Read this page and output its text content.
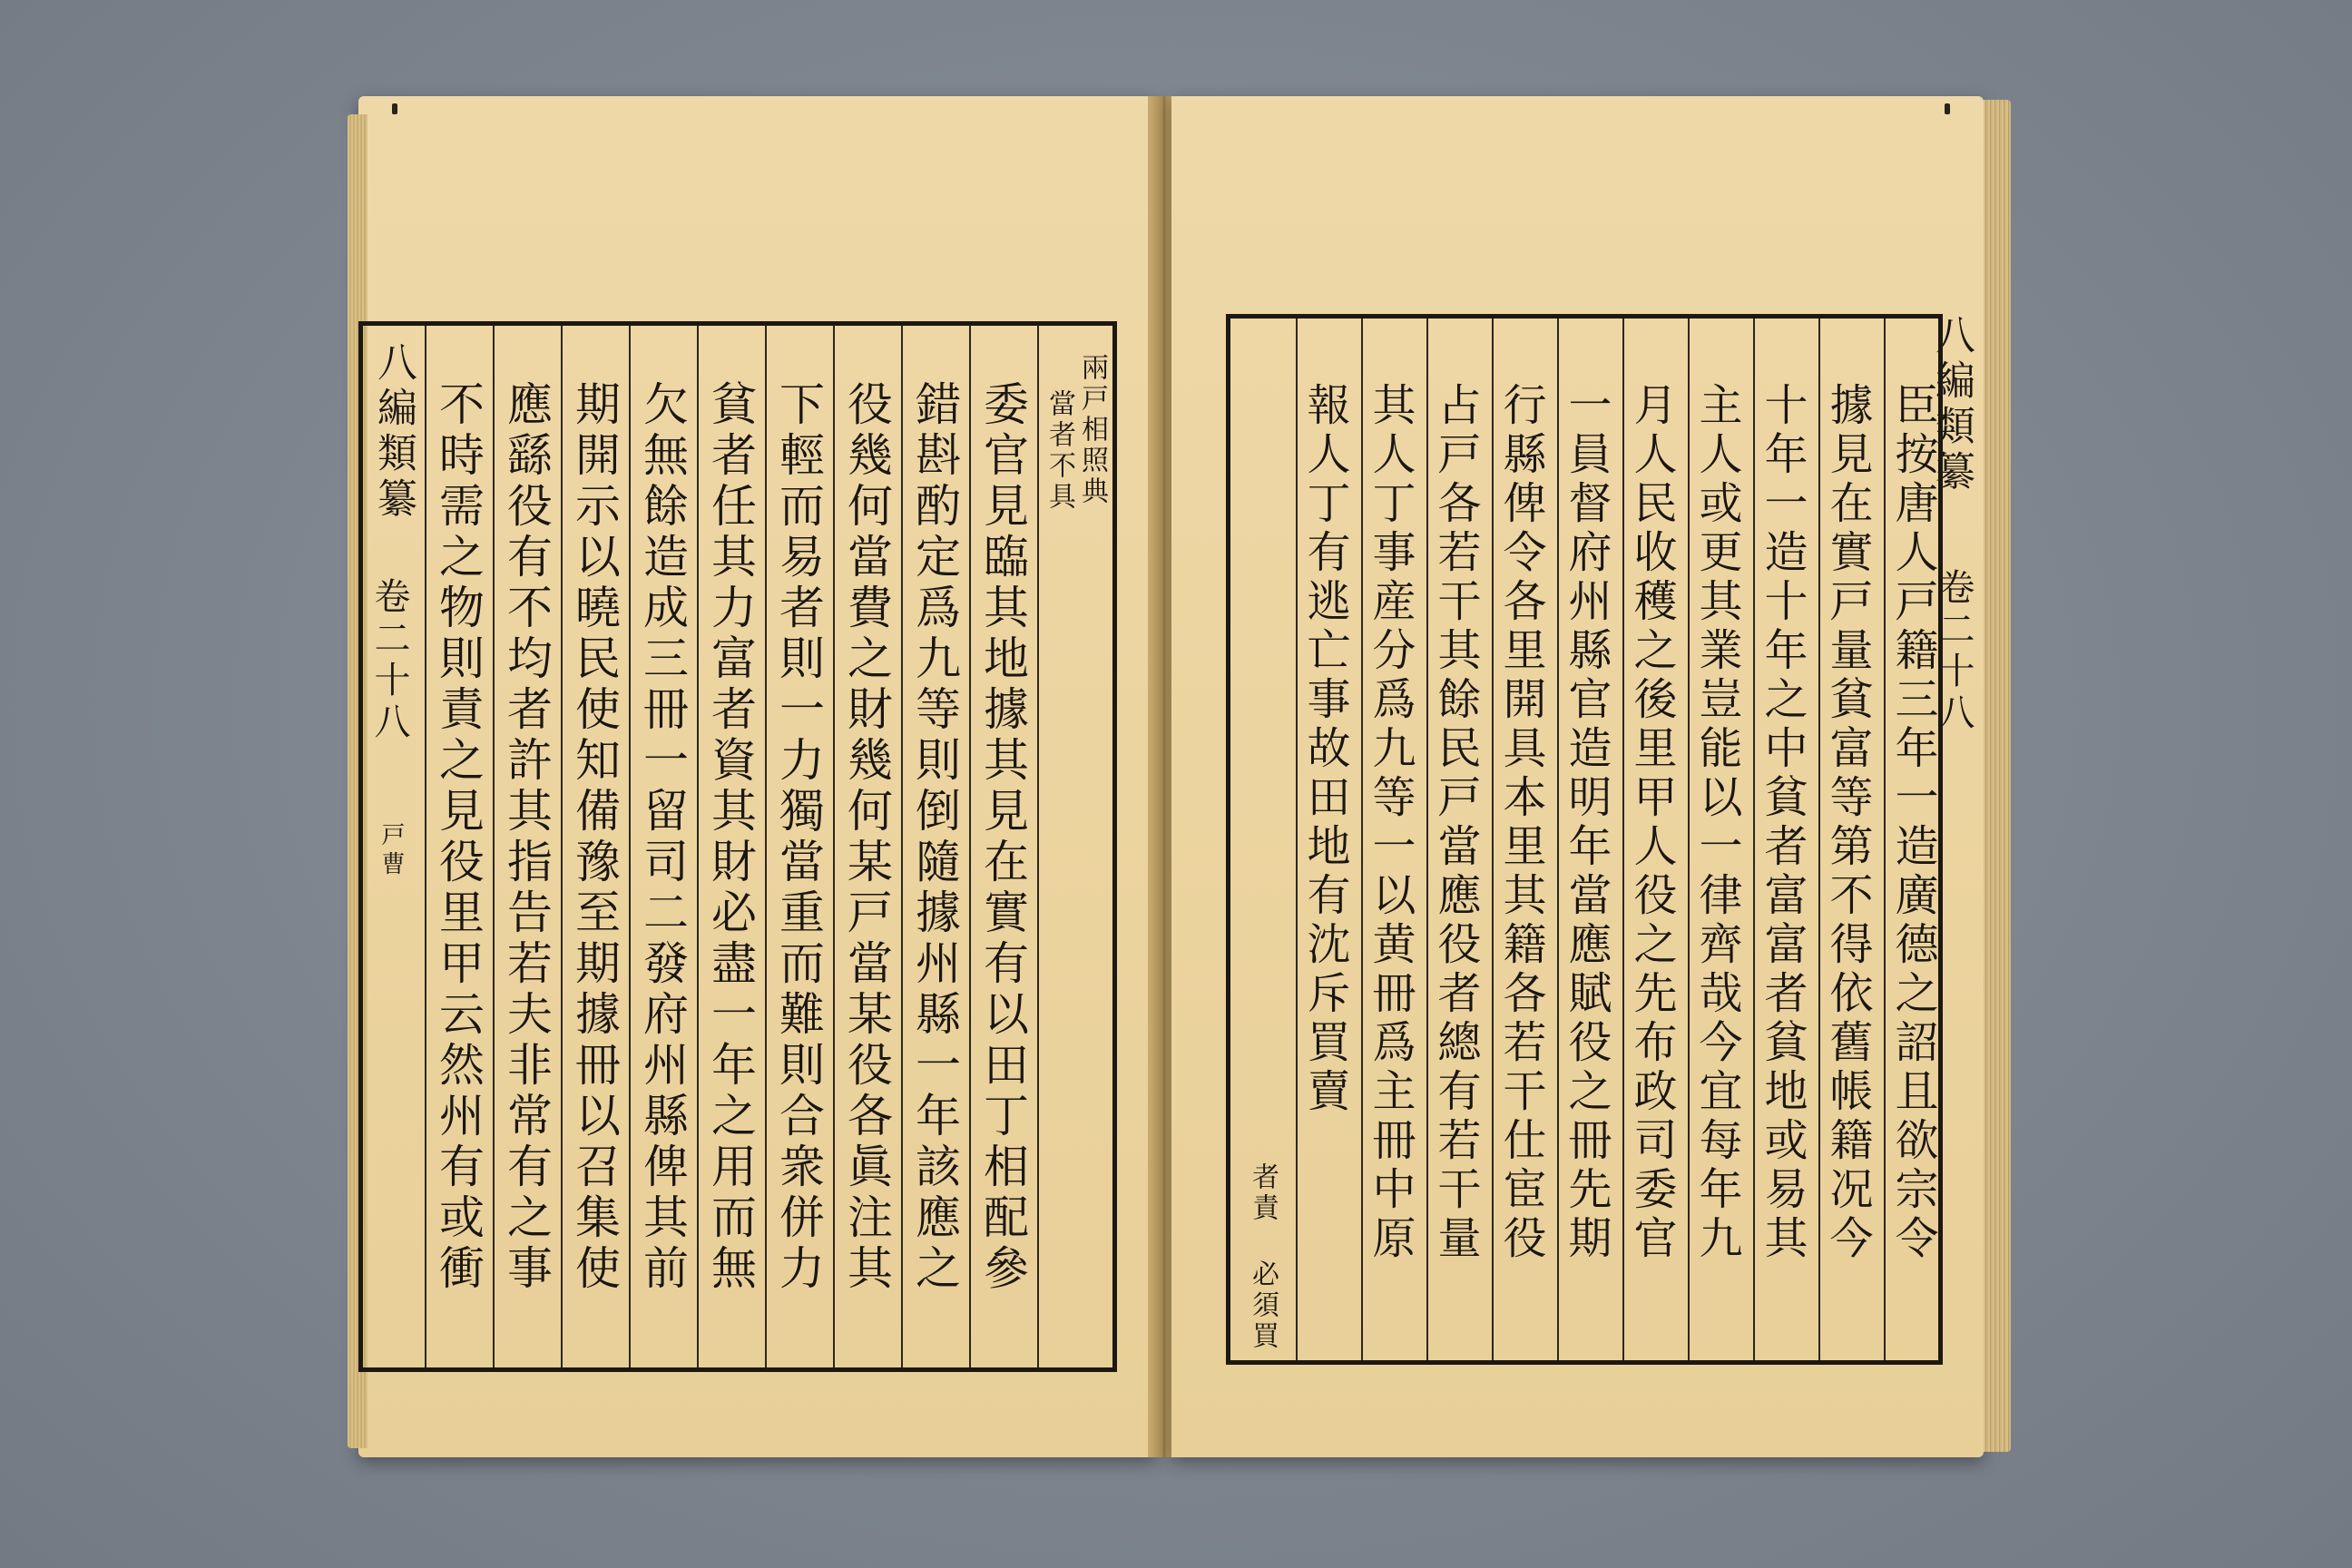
八編類纂
卷二十八
戸曹
兩戸相照典
當者不具
委官見臨其地據其見在實有以田丁相配參
錯斟酌定爲九等則倒隨據州縣一年該應之
役幾何當費之財幾何某戸當某役各眞注其
下輕而易者則一力獨當重而難則合衆併力
貧者任其力富者資其財必盡一年之用而無
欠無餘造成三冊一留司二發府州縣俾其前
期開示以曉民使知備豫至期據冊以召集使
應繇役有不均者許其指告若夫非常有之事
不時需之物則責之見役里甲云然州有或衝	八編類纂
卷二十八
臣按唐人戸籍三年一造廣德之詔且欲宗令
據見在實戸量貧富等第不得依舊帳籍况今
十年一造十年之中貧者富富者貧地或易其
主人或更其業豈能以一律齊哉今宜每年九
月人民收穫之後里甲人役之先布政司委官
一員督府州縣官造明年當應賦役之冊先期
行縣俾令各里開具本里其籍各若干仕宦役
占戸各若干其餘民戸當應役者總有若干量
其人丁事産分爲九等一以黄冊爲主冊中原
報人丁有逃亡事故田地有沈斥買賣
者責 必須買
